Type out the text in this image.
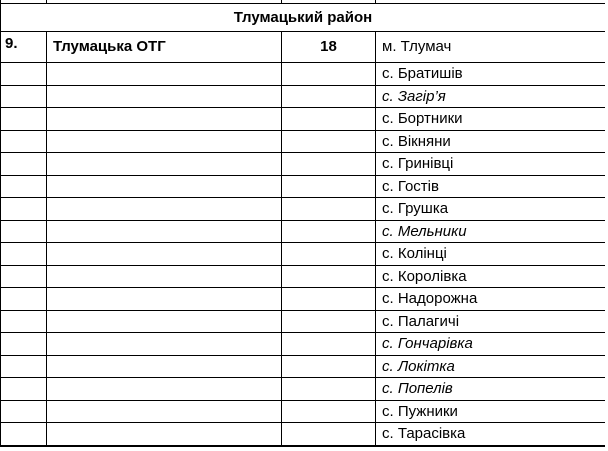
Тлумацький район			
9.	Тлумацька ОТГ	18	м. Тлумач
			с. Братишів
			с. Загір’я
			с. Бортники
			с. Вікняни
			с. Гринівці
			с. Гостів
			с. Грушка
			с. Мельники
			с. Колінці
			с. Королівка
			с. Надорожна
			с. Палагичі
			с. Гончарівка
			с. Локітка
			с. Попелів
			с. Пужники
			с. Тарасівка
